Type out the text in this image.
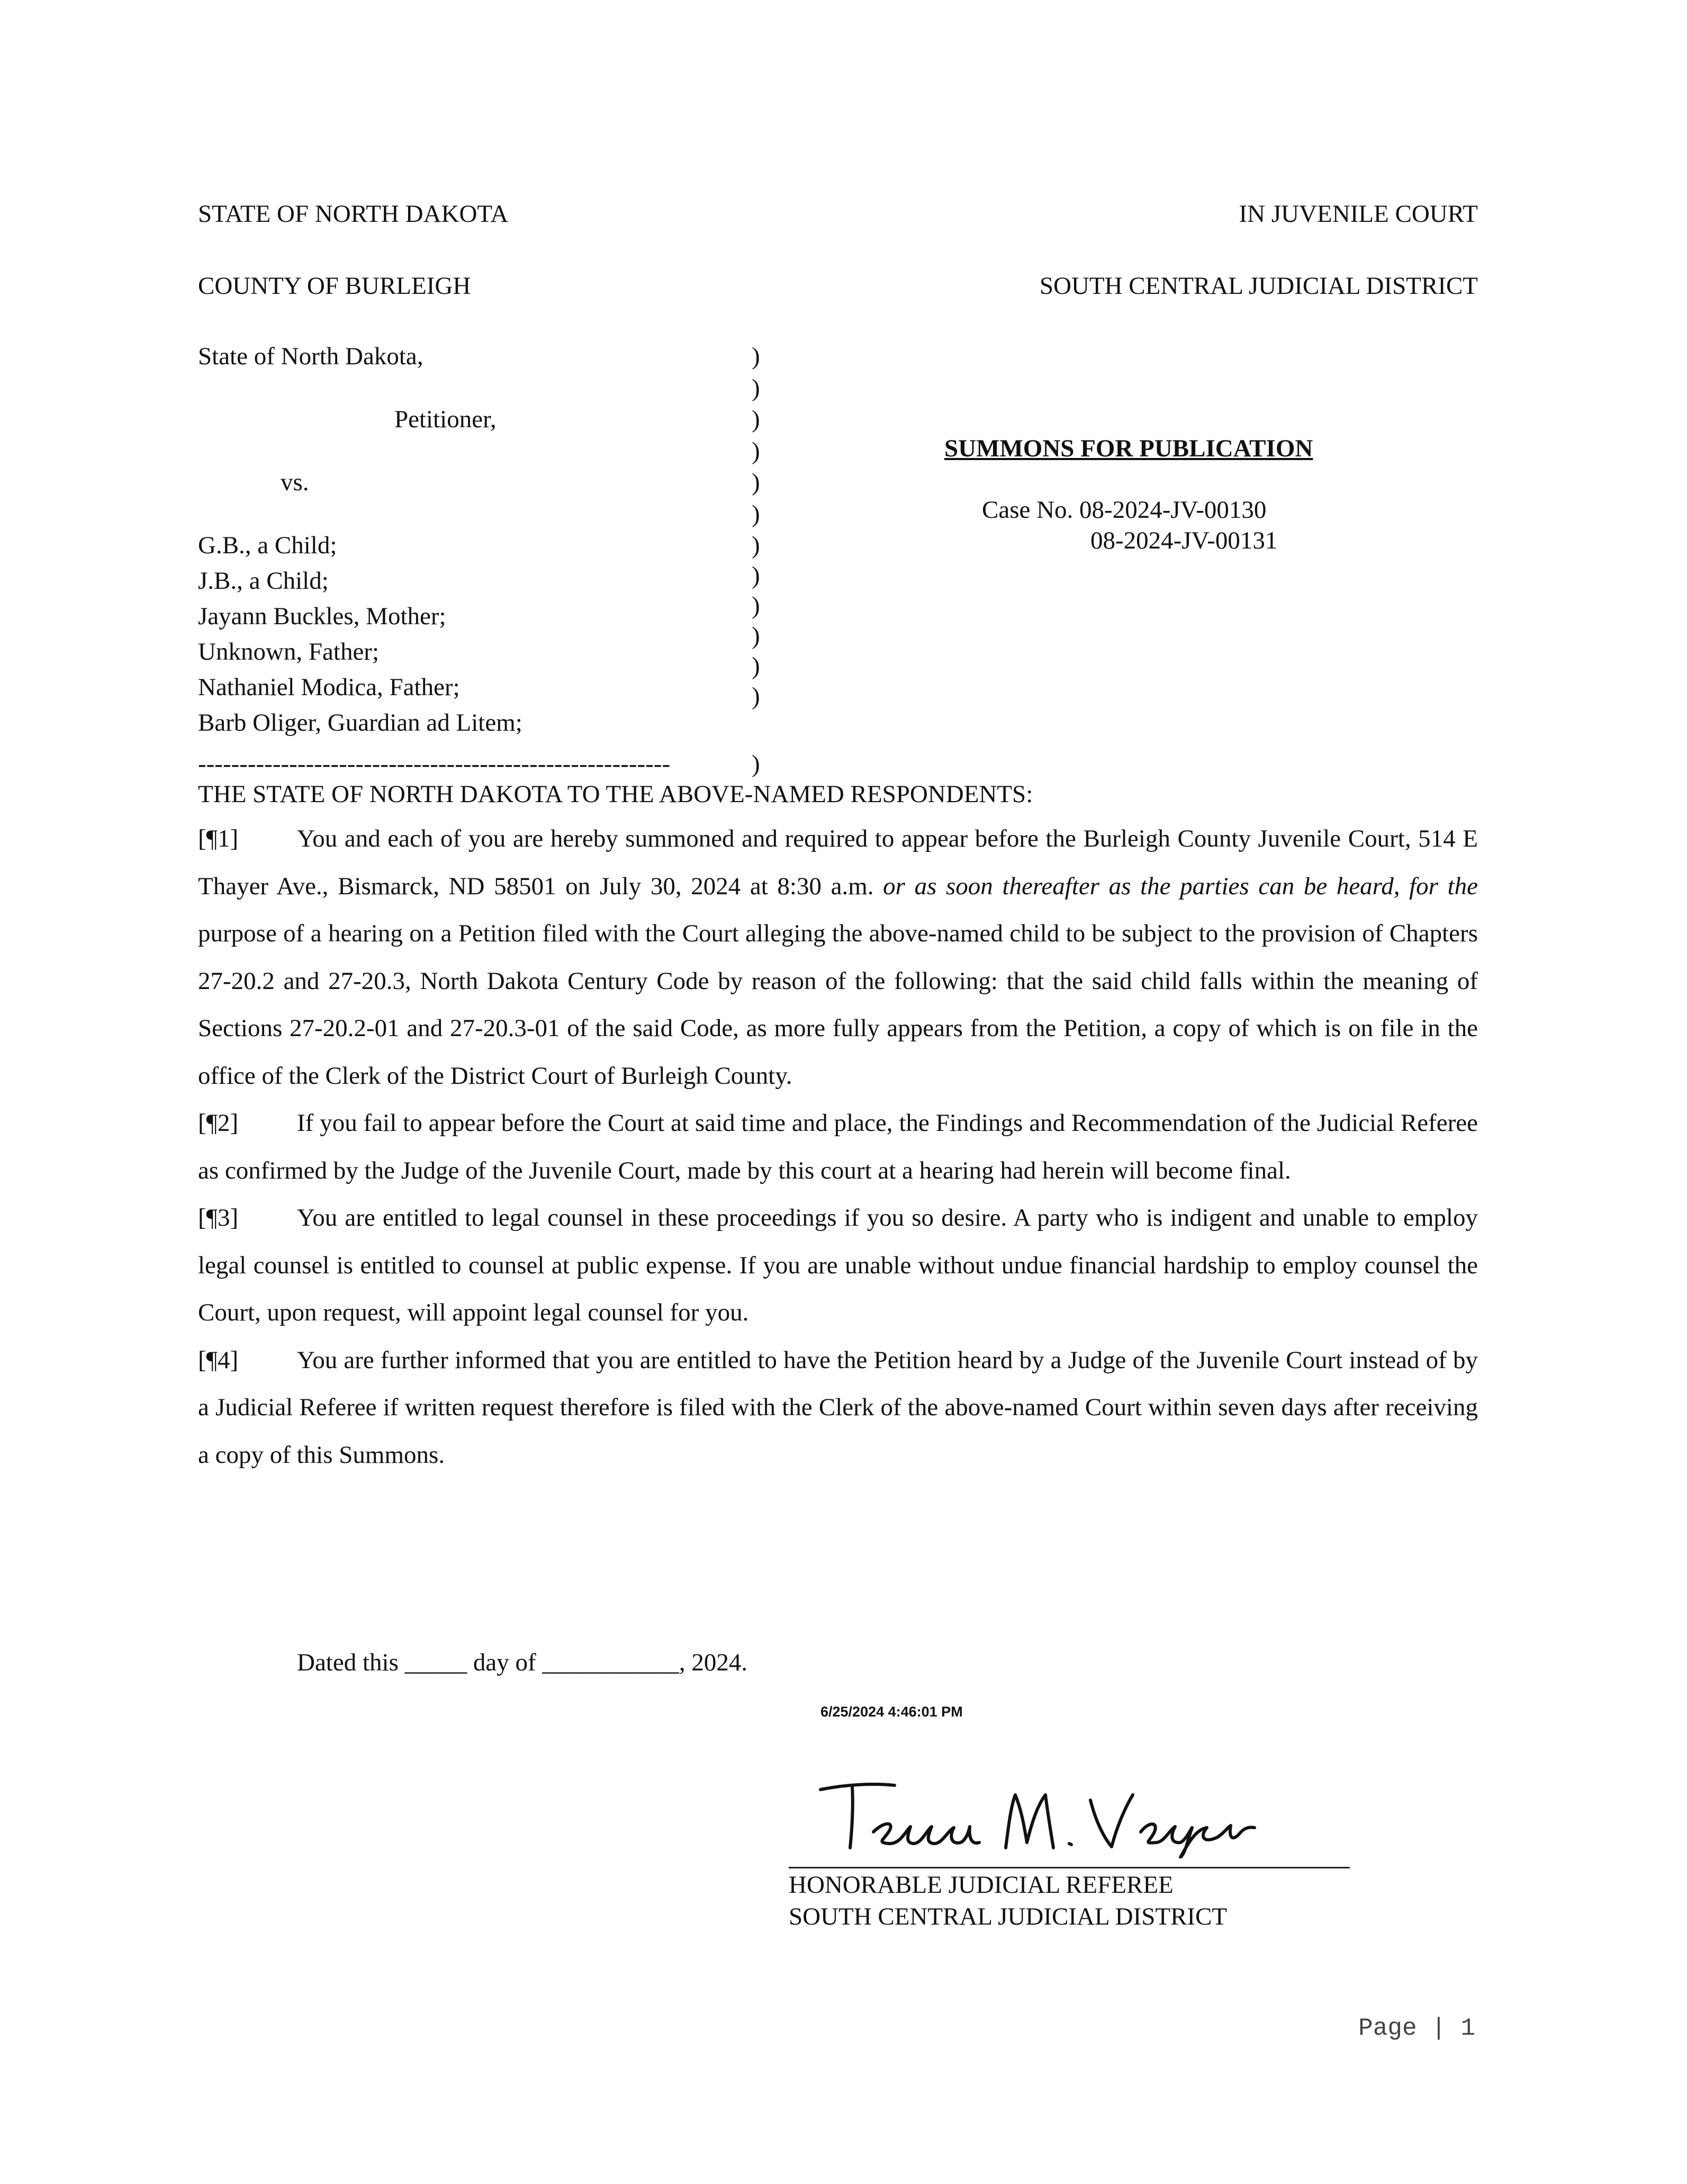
STATE OF NORTH DAKOTA	IN JUVENILE COURT
COUNTY OF BURLEIGH	SOUTH CENTRAL JUDICIAL DISTRICT
State of North Dakota,
Petitioner,
vs.
G.B., a Child;
J.B., a Child;
Jayann Buckles, Mother;
Unknown, Father;
Nathaniel Modica, Father;
Barb Oliger, Guardian ad Litem;
---------------------------------------------------------
)
)
)
)
)
)
)
)
)
)
)
)
)
SUMMONS FOR PUBLICATION
Case No. 08-2024-JV-00130
08-2024-JV-00131
THE STATE OF NORTH DAKOTA TO THE ABOVE-NAMED RESPONDENTS:

[¶1] You and each of you are hereby summoned and required to appear before the Burleigh County Juvenile Court, 514 E Thayer Ave., Bismarck, ND 58501 on July 30, 2024 at 8:30 a.m. or as soon thereafter as the parties can be heard, for the purpose of a hearing on a Petition filed with the Court alleging the above-named child to be subject to the provision of Chapters 27-20.2 and 27-20.3, North Dakota Century Code by reason of the following: that the said child falls within the meaning of Sections 27-20.2-01 and 27-20.3-01 of the said Code, as more fully appears from the Petition, a copy of which is on file in the office of the Clerk of the District Court of Burleigh County.

[¶2] If you fail to appear before the Court at said time and place, the Findings and Recommendation of the Judicial Referee as confirmed by the Judge of the Juvenile Court, made by this court at a hearing had herein will become final.

[¶3] You are entitled to legal counsel in these proceedings if you so desire. A party who is indigent and unable to employ legal counsel is entitled to counsel at public expense. If you are unable without undue financial hardship to employ counsel the Court, upon request, will appoint legal counsel for you.

[¶4] You are further informed that you are entitled to have the Petition heard by a Judge of the Juvenile Court instead of by a Judicial Referee if written request therefore is filed with the Clerk of the above-named Court within seven days after receiving a copy of this Summons.

Dated this _____ day of ___________, 2024.
6/25/2024 4:46:01 PM
HONORABLE JUDICIAL REFEREE
SOUTH CENTRAL JUDICIAL DISTRICT
Page | 1
